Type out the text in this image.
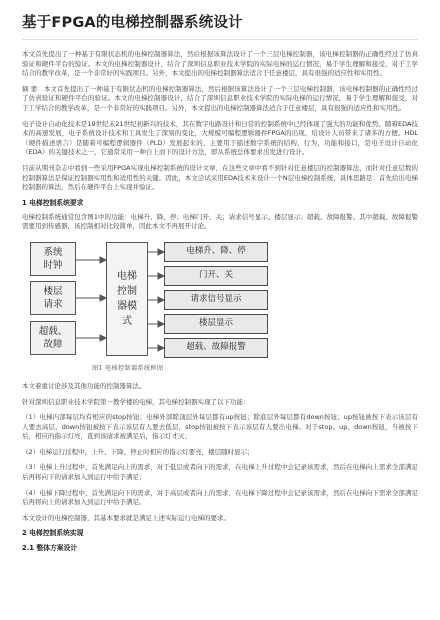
基于FPGA的电梯控制器系统设计

本文首先提出了一种基于有限状态机的电梯控制器算法，然后根据该算法设计了一个三层电梯控制器，该电梯控制器的正确性经过了仿真验证和硬件平台的验证。本文的电梯控制器设计，结合了深圳信息职业技术学院的实际电梯的运行情况，易于学生理解和接受，对于工学结合的教学改革，是一个非常好的实践项目。另外，本文提出的电梯控制器算法适合于任意楼层，具有很强的适应性和实用性。

摘 要：本文首先提出了一种基于有限状态机的电梯控制器算法，然后根据该算法设计了一个三层电梯控制器，该电梯控制器的正确性经过了仿真验证和硬件平台的验证。本文的电梯控制器设计，结合了深圳信息职业技术学院的实际电梯的运行情况，易于学生理解和接受，对于工学结合的教学改革，是一个非常好的实践项目。另外，本文提出的电梯控制器算法适合于任意楼层，具有很强的适应性和实用性。

电子设计自动化技术是19世纪末21世纪初新兴的技术，其在数字电路设计和日常的控制系统中已经体现了强大的功能和优势。随着EDA技术的高速发展，电子系统设计技术和工具发生了深刻的变化，大规模可编程逻辑器件FPGA的出现，给设计人员带来了诸多的方便。HDL（硬件描述语言）是随着可编程逻辑器件（PLD）发展起来的，主要用于描述数字系统的结构，行为，功能和接口，是电子设计自动化（EDA）的关键技术之一，它通常采用一种自上而下的设计方法，即从系统总体要求出发进行设计。

目前从期刊杂志中看到一些采用FPGA实现电梯控制系统的设计文章，在这些文章中看不到针对任意楼层的控制器算法，而针对任意层数的控制器算法是保证控制器实用性和适用性的关键。因此，本文尝试采用EDA技术来设计一个N层电梯控制系统，具体思路是：首先给出电梯控制器的算法，然后在硬件平台上实现并验证。

1 电梯控制系统要求

电梯控制系统通常包含图1中的功能：电梯升、降、停；电梯门开、关；请求信号显示、楼层显示；超载、故障报警。其中超载、故障报警需要用到传感器，该控制相对比较简单，因此本文不再展开讨论。

系统
时钟
楼层
请求
超载、
故障
电梯控制器模式
电梯升、降、停
门开、关
请求信号显示
楼层显示
超载、故障报警
图1 电梯控制器系统框图

本文着重讨论涉及其他功能的控制器算法。

针对深圳信息职业技术学院第一教学楼的电梯，其电梯控制器实现了以下功能：

（1）电梯内部每层均有相应的stop按钮；电梯外部除顶层外每层都有up按钮；除底层外每层都有down按钮；up按钮被按下表示该层有人要去高层，down按钮被按下表示该层有人要去低层，stop按钮被按下表示该层有人要出电梯。对于stop、up、down按钮，当被按下后，相应的指示灯亮，直到该请求被满足后，指示灯才灭；
（2）电梯运行过程中，上升、下降、停止时相应的指示灯要亮，楼层随时显示；
（3）电梯上升过程中，首先满足向上的需求，对于低层或者向下的需求，在电梯上升过程中会记录该需求，然后在电梯向上需求全部满足后再将向下的请求加入到运行中给予满足；
（4）电梯下降过程中，首先满足向下的需求，对于高层或者向上的需求，在电梯下降过程中会记录该需求，然后在电梯向下需求全部满足后再将向上的请求加入到运行中给予满足。

本文设计的电梯控制器，其基本要求就是满足上述实际运行电梯的要求。

2 电梯控制系统实现
2.1 整体方案设计
